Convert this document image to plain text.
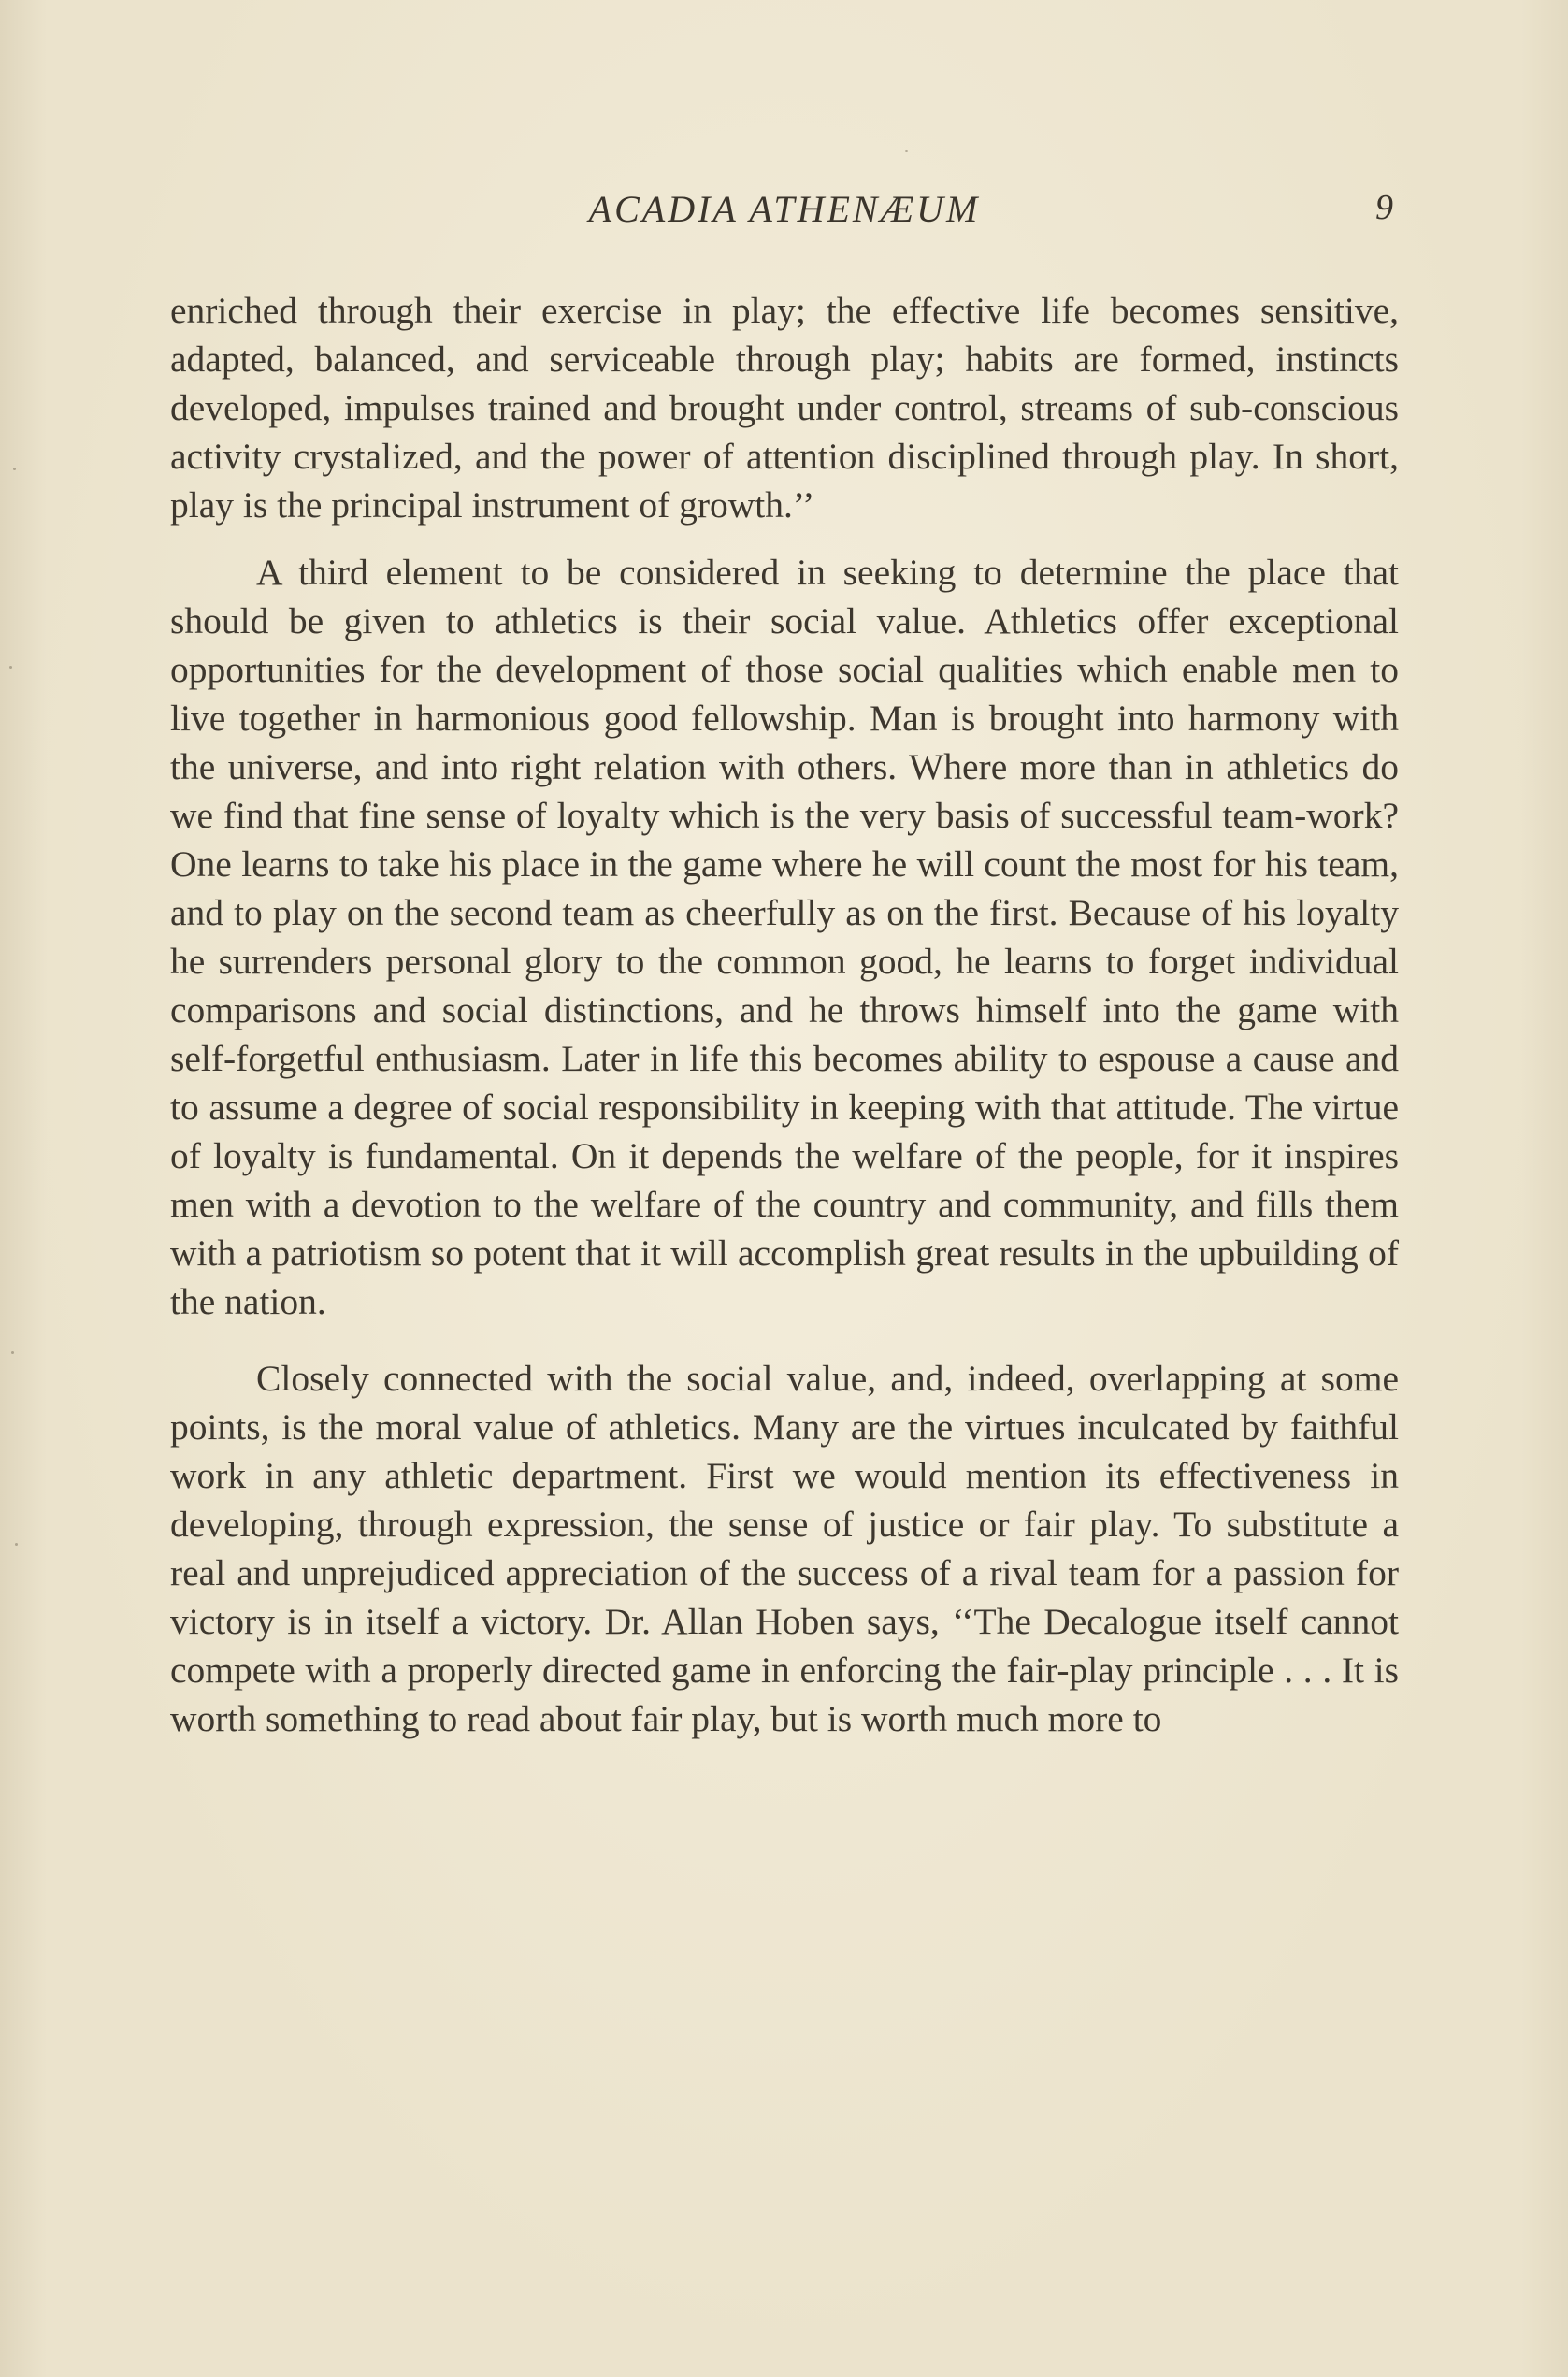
ACADIA ATHENÆUM	9

enriched through their exercise in play; the effective life becomes sensitive, adapted, balanced, and serviceable through play; habits are formed, instincts developed, impulses trained and brought under control, streams of sub-conscious activity crystalized, and the power of attention disciplined through play. In short, play is the principal instrument of growth.’’

A third element to be considered in seeking to determine the place that should be given to athletics is their social value. Athletics offer exceptional opportunities for the development of those social qualities which enable men to live together in harmonious good fellowship. Man is brought into harmony with the universe, and into right relation with others. Where more than in athletics do we find that fine sense of loyalty which is the very basis of successful team-work? One learns to take his place in the game where he will count the most for his team, and to play on the second team as cheerfully as on the first. Because of his loyalty he surrenders personal glory to the common good, he learns to forget individual comparisons and social distinctions, and he throws himself into the game with self-forgetful enthusiasm. Later in life this becomes ability to espouse a cause and to assume a degree of social responsibility in keeping with that attitude. The virtue of loyalty is fundamental. On it depends the welfare of the people, for it inspires men with a devotion to the welfare of the country and community, and fills them with a patriotism so potent that it will accomplish great results in the upbuilding of the nation.

Closely connected with the social value, and, indeed, overlapping at some points, is the moral value of athletics. Many are the virtues inculcated by faithful work in any athletic department. First we would mention its effectiveness in developing, through expression, the sense of justice or fair play. To substitute a real and unprejudiced appreciation of the success of a rival team for a passion for victory is in itself a victory. Dr. Allan Hoben says, ‘‘The Decalogue itself cannot compete with a properly directed game in enforcing the fair-play principle . . . It is worth something to read about fair play, but is worth much more to
